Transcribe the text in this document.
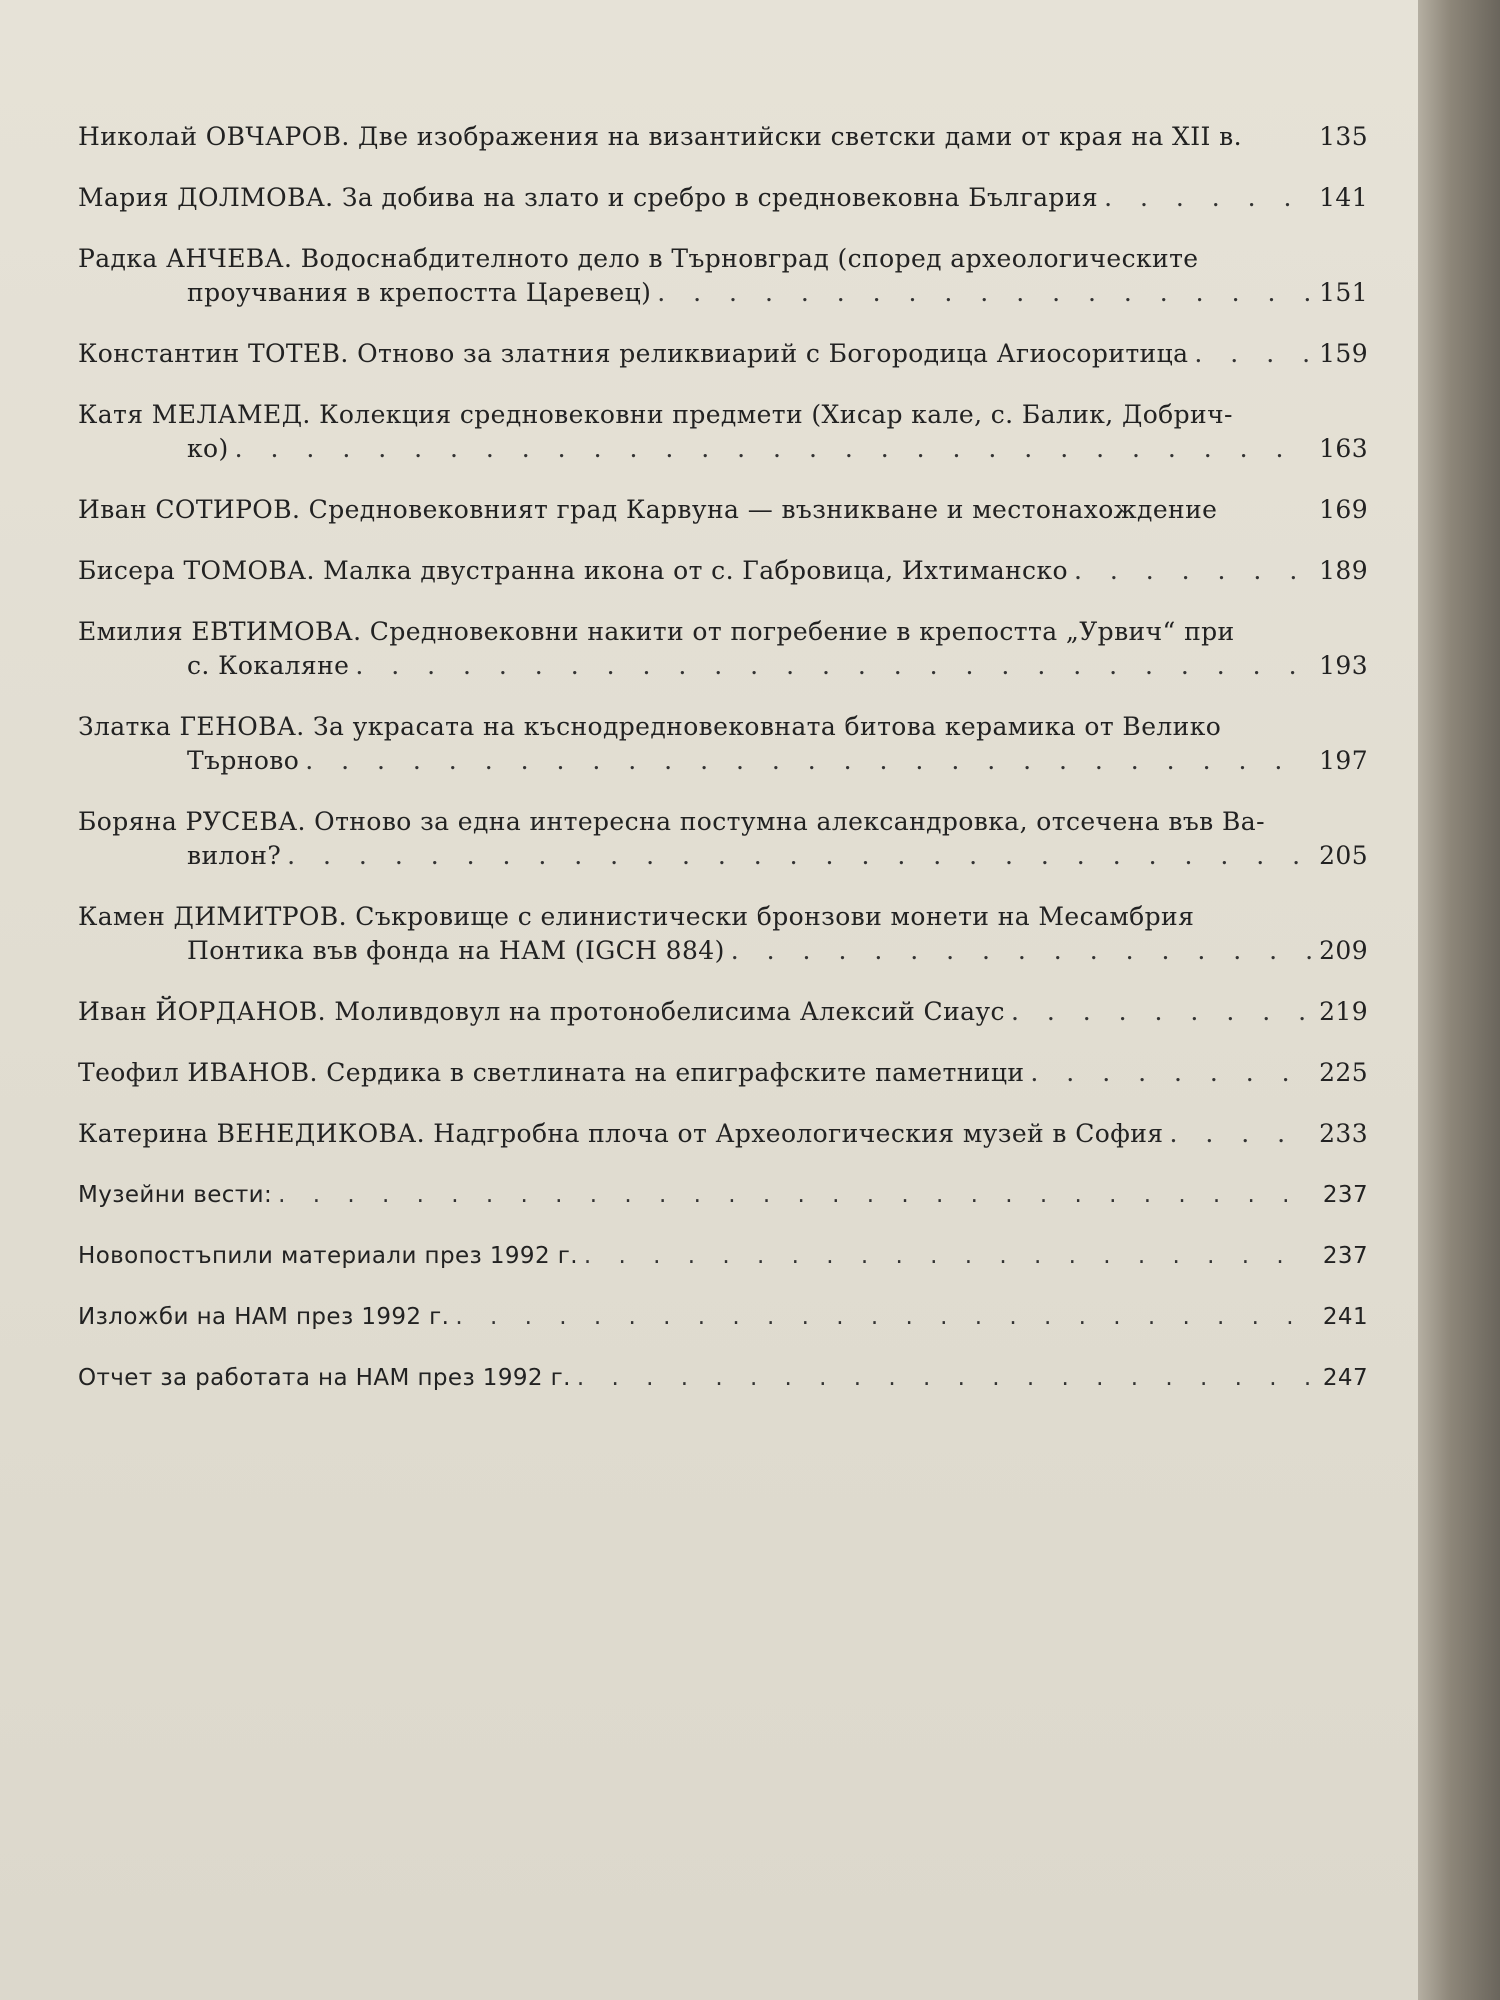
Николай ОВЧАРОВ. Две изображения на византийски светски дами от края на XII в.	135
Мария ДОЛМОВА. За добива на злато и сребро в средновековна България . . .	141
Радка АНЧЕВА. Водоснабдителното дело в Търновград (според археологическите
проучвания в крепостта Царевец) . . .	151
Константин ТОТЕВ. Отново за златния реликвиарий с Богородица Агиосоритица . . .	159
Катя МЕЛАМЕД. Колекция средновековни предмети (Хисар кале, с. Балик, Добрич-
ко) . . .	163
Иван СОТИРОВ. Средновековният град Карвуна — възникване и местонахождение	169
Бисера ТОМОВА. Малка двустранна икона от с. Габровица, Ихтиманско . . .	189
Емилия ЕВТИМОВА. Средновековни накити от погребение в крепостта „Урвич“ при
с. Кокаляне . . .	193
Златка ГЕНОВА. За украсата на къснодредновековната битова керамика от Велико
Търново . . .	197
Боряна РУСЕВА. Отново за една интересна постумна александровка, отсечена във Ва-
вилон? . . .	205
Камен ДИМИТРОВ. Съкровище с елинистически бронзови монети на Месамбрия
Понтика във фонда на НАМ (IGCH 884) . . .	209
Иван ЙОРДАНОВ. Моливдовул на протонобелисима Алексий Сиаус . . .	219
Теофил ИВАНОВ. Сердика в светлината на епиграфските паметници . . .	225
Катерина ВЕНЕДИКОВА. Надгробна плоча от Археологическия музей в София . . .	233
Музейни вести: . . .	237
Новопостъпили материали през 1992 г. . . .	237
Изложби на НАМ през 1992 г. . . .	241
Отчет за работата на НАМ през 1992 г. . . .	247
